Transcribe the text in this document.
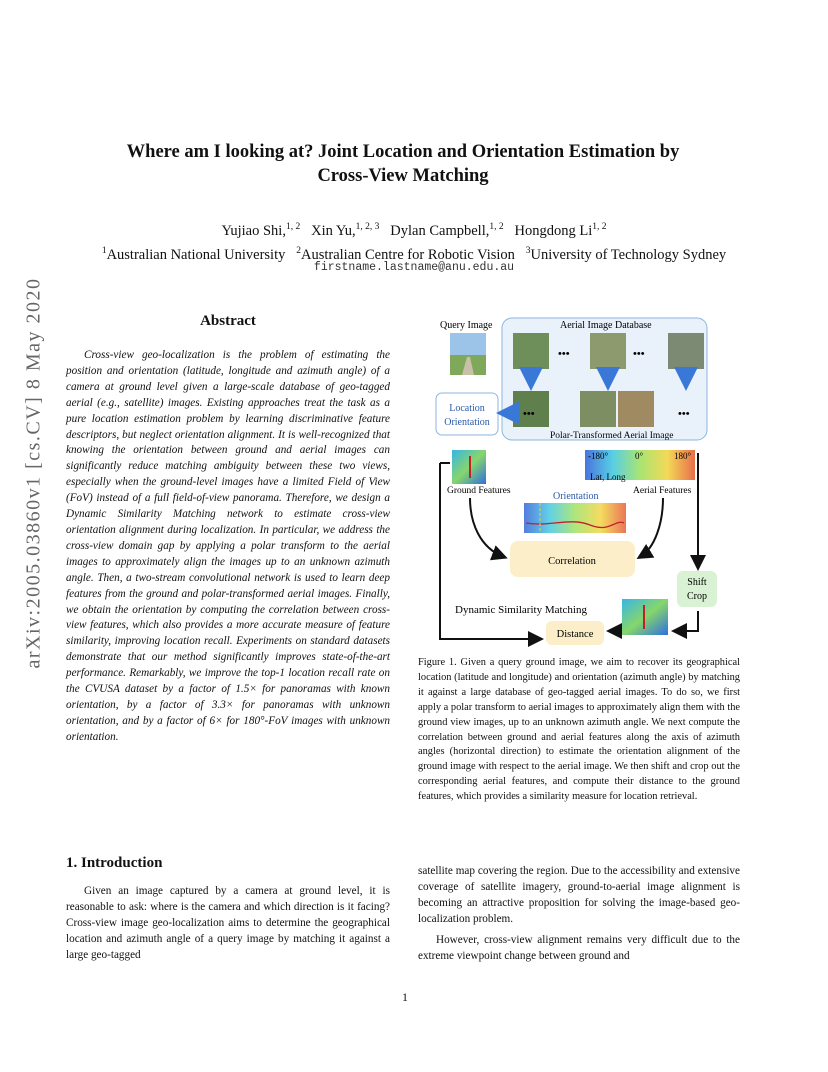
Where am I looking at? Joint Location and Orientation Estimation by
Cross-View Matching
Yujiao Shi,$^{1, 2}$ Xin Yu,$^{1, 2, 3}$ Dylan Campbell,$^{1, 2}$ Hongdong Li$^{1, 2}$
$^1$Australian National University $^2$Australian Centre for Robotic Vision $^3$University of Technology Sydney
firstname.lastname@anu.edu.au
arXiv:2005.03860v1 [cs.CV] 8 May 2020	Abstract
Cross-view geo-localization is the problem of estimating the position and orientation (latitude, longitude and azimuth angle) of a camera at ground level given a large-scale database of geo-tagged aerial (e.g., satellite) images. Existing approaches treat the task as a pure location estimation problem by learning discriminative feature descriptors, but neglect orientation alignment. It is well-recognized that knowing the orientation between ground and aerial images can significantly reduce matching ambiguity between these two views, especially when the ground-level images have a limited Field of View (FoV) instead of a full field-of-view panorama. Therefore, we design a Dynamic Similarity Matching network to estimate cross-view orientation alignment during localization. In particular, we address the cross-view domain gap by applying a polar transform to the aerial images to approximately align the images up to an unknown azimuth angle. Then, a two-stream convolutional network is used to learn deep features from the ground and polar-transformed aerial images. Finally, we obtain the orientation by computing the correlation between cross-view features, which also provides a more accurate measure of feature similarity, improving location recall. Experiments on standard datasets demonstrate that our method significantly improves state-of-the-art performance. Remarkably, we improve the top-1 location recall rate on the CVUSA dataset by a factor of 1.5× for panoramas with known orientation, by a factor of 3.3× for panoramas with unknown orientation, and by a factor of 6× for 180°-FoV images with unknown orientation.
1. Introduction
Given an image captured by a camera at ground level, it is reasonable to ask: where is the camera and which direction is it facing? Cross-view image geo-localization aims to determine the geographical location and azimuth angle of a query image by matching it against a large geo-tagged
satellite map covering the region. Due to the accessibility and extensive coverage of satellite imagery, ground-to-aerial image alignment is becoming an attractive proposition for solving the image-based geo-localization problem.
However, cross-view alignment remains very difficult due to the extreme viewpoint change between ground and
Query Image	Aerial Image Database
•••	•••
•••	•••
Polar-Transformed Aerial Image
Location
Orientation
Ground Features
-180°	0°	180°
Lat, Long
Aerial Features
Orientation
Correlation
Shift
Crop
Dynamic Similarity Matching
Distance
Figure 1. Given a query ground image, we aim to recover its geographical location (latitude and longitude) and orientation (azimuth angle) by matching it against a large database of geo-tagged aerial images. To do so, we first apply a polar transform to aerial images to approximately align them with the ground view images, up to an unknown azimuth angle. We next compute the correlation between ground and aerial features along the axis of azimuth angles (horizontal direction) to estimate the orientation alignment of the ground image with respect to the aerial image. We then shift and crop out the corresponding aerial features, and compute their distance to the ground features, which provides a similarity measure for location retrieval.
1
